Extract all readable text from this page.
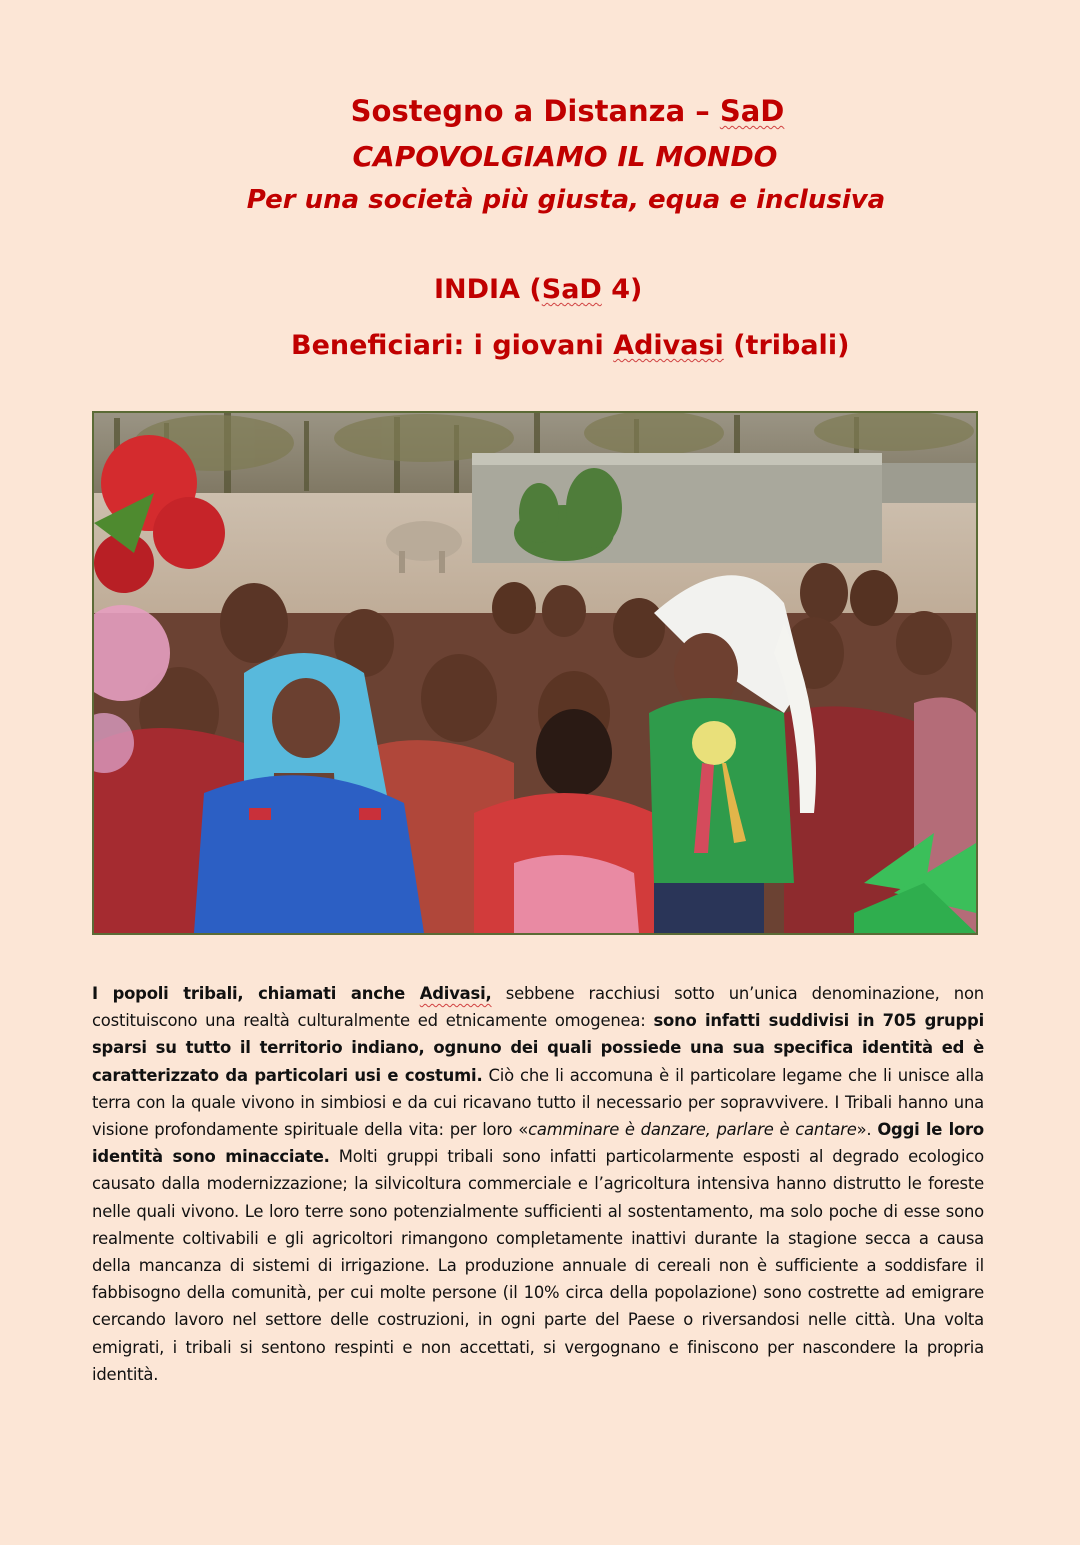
Sostegno a Distanza – SaD
CAPOVOLGIAMO IL MONDO
Per una società più giusta, equa e inclusiva
INDIA (SaD 4)
Beneficiari: i giovani Adivasi (tribali)
I popoli tribali, chiamati anche Adivasi, sebbene racchiusi sotto un’unica denominazione, non costituiscono una realtà culturalmente ed etnicamente omogenea: sono infatti suddivisi in 705 gruppi sparsi su tutto il territorio indiano, ognuno dei quali possiede una sua specifica identità ed è caratterizzato da particolari usi e costumi. Ciò che li accomuna è il particolare legame che li unisce alla terra con la quale vivono in simbiosi e da cui ricavano tutto il necessario per sopravvivere. I Tribali hanno una visione profondamente spirituale della vita: per loro «camminare è danzare, parlare è cantare». Oggi le loro identità sono minacciate. Molti gruppi tribali sono infatti particolarmente esposti al degrado ecologico causato dalla modernizzazione; la silvicoltura commerciale e l’agricoltura intensiva hanno distrutto le foreste nelle quali vivono. Le loro terre sono potenzialmente sufficienti al sostentamento, ma solo poche di esse sono realmente coltivabili e gli agricoltori rimangono completamente inattivi durante la stagione secca a causa della mancanza di sistemi di irrigazione. La produzione annuale di cereali non è sufficiente a soddisfare il fabbisogno della comunità, per cui molte persone (il 10% circa della popolazione) sono costrette ad emigrare cercando lavoro nel settore delle costruzioni, in ogni parte del Paese o riversandosi nelle città. Una volta emigrati, i tribali si sentono respinti e non accettati, si vergognano e finiscono per nascondere la propria identità.
